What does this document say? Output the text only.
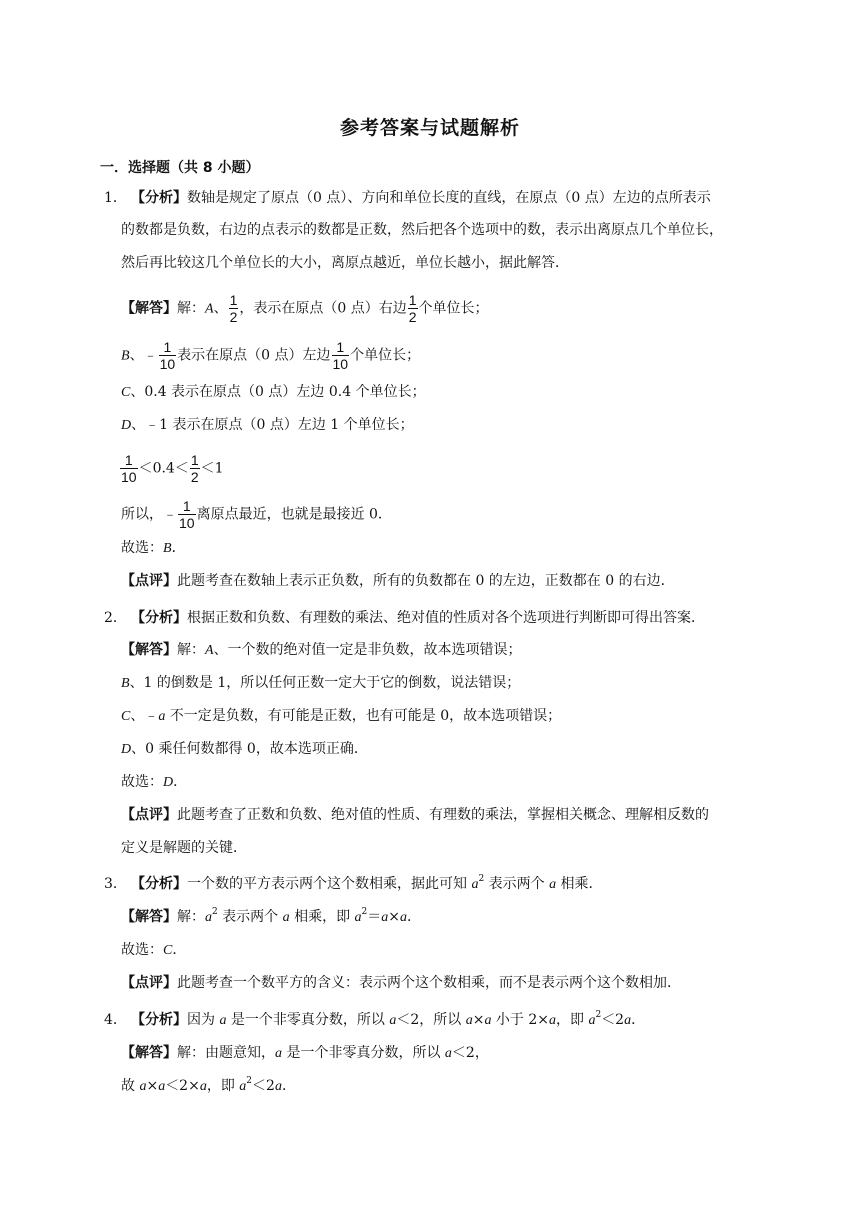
参考答案与试题解析
一．选择题（共 8 小题）
1． 【分析】数轴是规定了原点（0 点）、方向和单位长度的直线，在原点（0 点）左边的点所表示
的数都是负数，右边的点表示的数都是正数，然后把各个选项中的数，表示出离原点几个单位长，
然后再比较这几个单位长的大小，离原点越近，单位长越小，据此解答．
【解答】解：A、 $\frac{1}{2}$ ，表示在原点（0 点）右边 $\frac{1}{2}$ 个单位长；
B、﹣ $\frac{1}{10}$ 表示在原点（0 点）左边 $\frac{1}{10}$ 个单位长；
C、0.4 表示在原点（0 点）左边 0.4 个单位长；
D、﹣1 表示在原点（0 点）左边 1 个单位长；
$\frac{1}{10} <0.4< \frac{1}{2} <1$
所以，﹣ $\frac{1}{10}$ 离原点最近，也就是最接近 0．
故选：B．
【点评】此题考查在数轴上表示正负数，所有的负数都在 0 的左边，正数都在 0 的右边．
2． 【分析】根据正数和负数、有理数的乘法、绝对值的性质对各个选项进行判断即可得出答案．
【解答】解：A、一个数的绝对值一定是非负数，故本选项错误；
B、1 的倒数是 1，所以任何正数一定大于它的倒数，说法错误；
C、﹣a 不一定是负数，有可能是正数，也有可能是 0，故本选项错误；
D、0 乘任何数都得 0，故本选项正确．
故选：D．
【点评】此题考查了正数和负数、绝对值的性质、有理数的乘法，掌握相关概念、理解相反数的
定义是解题的关键．
3． 【分析】一个数的平方表示两个这个数相乘，据此可知 $a^2$ 表示两个 a 相乘．
【解答】解：$a^2$ 表示两个 a 相乘，即 $a^2=a\times a$．
故选：C．
【点评】此题考查一个数平方的含义：表示两个这个数相乘，而不是表示两个这个数相加．
4． 【分析】因为 a 是一个非零真分数，所以 a＜2，所以 a×a 小于 2×a，即 $a^2<2a$．
【解答】解：由题意知，a 是一个非零真分数，所以 a＜2，
故 a×a＜2×a，即 $a^2<2a$．
